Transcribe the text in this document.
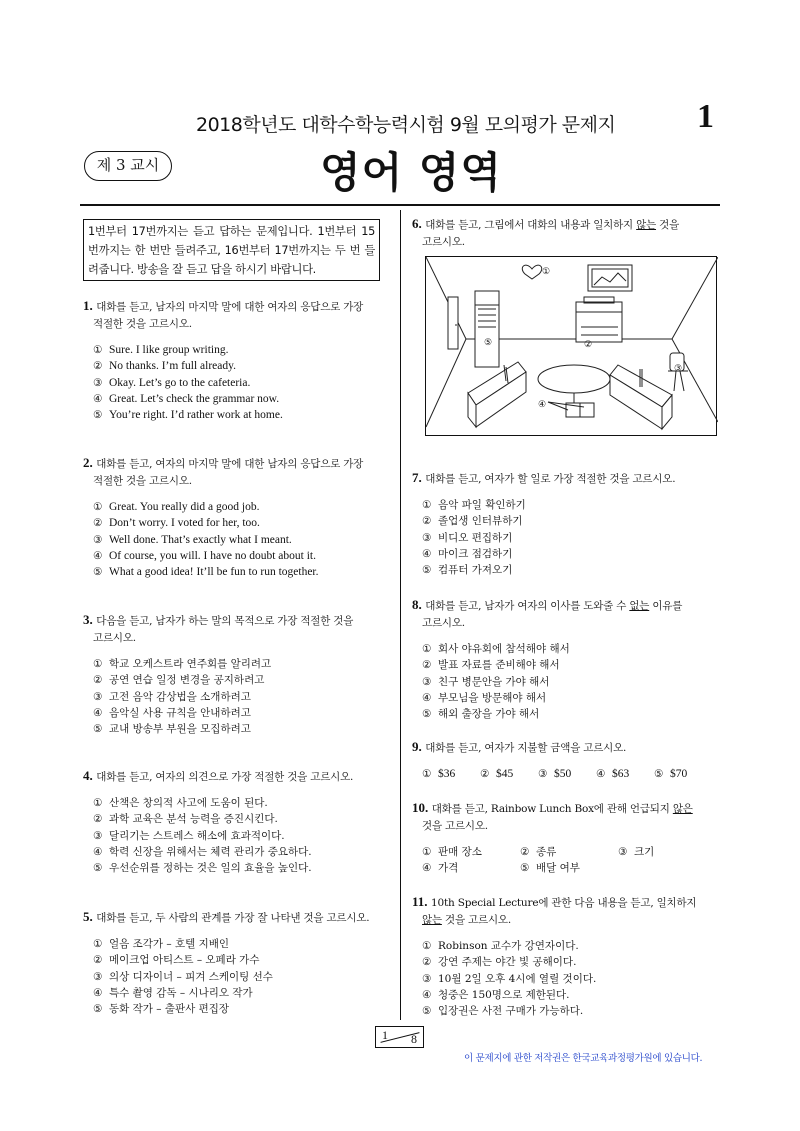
2018학년도 대학수학능력시험 9월 모의평가 문제지 1
제 3 교시	영어 영역
1번부터 17번까지는 듣고 답하는 문제입니다. 1번부터 15번까지는 한 번만 들려주고, 16번부터 17번까지는 두 번 들려줍니다. 방송을 잘 듣고 답을 하시기 바랍니다.
1. 대화를 듣고, 남자의 마지막 말에 대한 여자의 응답으로 가장
적절한 것을 고르시오.
① Sure. I like group writing.
② No thanks. I’m full already.
③ Okay. Let’s go to the cafeteria.
④ Great. Let’s check the grammar now.
⑤ You’re right. I’d rather work at home.
2. 대화를 듣고, 여자의 마지막 말에 대한 남자의 응답으로 가장
적절한 것을 고르시오.
① Great. You really did a good job.
② Don’t worry. I voted for her, too.
③ Well done. That’s exactly what I meant.
④ Of course, you will. I have no doubt about it.
⑤ What a good idea! It’ll be fun to run together.
3. 다음을 듣고, 남자가 하는 말의 목적으로 가장 적절한 것을
고르시오.
① 학교 오케스트라 연주회를 알리려고
② 공연 연습 일정 변경을 공지하려고
③ 고전 음악 감상법을 소개하려고
④ 음악실 사용 규칙을 안내하려고
⑤ 교내 방송부 부원을 모집하려고
4. 대화를 듣고, 여자의 의견으로 가장 적절한 것을 고르시오.
① 산책은 창의적 사고에 도움이 된다.
② 과학 교육은 분석 능력을 증진시킨다.
③ 달리기는 스트레스 해소에 효과적이다.
④ 학력 신장을 위해서는 체력 관리가 중요하다.
⑤ 우선순위를 정하는 것은 일의 효율을 높인다.
5. 대화를 듣고, 두 사람의 관계를 가장 잘 나타낸 것을 고르시오.
① 얼음 조각가 – 호텔 지배인
② 메이크업 아티스트 – 오페라 가수
③ 의상 디자이너 – 피겨 스케이팅 선수
④ 특수 촬영 감독 – 시나리오 작가
⑤ 동화 작가 – 출판사 편집장
6. 대화를 듣고, 그림에서 대화의 내용과 일치하지 않는 것을
고르시오.
①
②
③
④
⑤
7. 대화를 듣고, 여자가 할 일로 가장 적절한 것을 고르시오.
① 음악 파일 확인하기
② 졸업생 인터뷰하기
③ 비디오 편집하기
④ 마이크 점검하기
⑤ 컴퓨터 가져오기
8. 대화를 듣고, 남자가 여자의 이사를 도와줄 수 없는 이유를
고르시오.
① 회사 야유회에 참석해야 해서
② 발표 자료를 준비해야 해서
③ 친구 병문안을 가야 해서
④ 부모님을 방문해야 해서
⑤ 해외 출장을 가야 해서
9. 대화를 듣고, 여자가 지불할 금액을 고르시오.
① $36	② $45	③ $50	④ $63	⑤ $70
10. 대화를 듣고, Rainbow Lunch Box에 관해 언급되지 않은
것을 고르시오.
① 판매 장소	② 종류	③ 크기
④ 가격	⑤ 배달 여부
11. 10th Special Lecture에 관한 다음 내용을 듣고, 일치하지
않는 것을 고르시오.
① Robinson 교수가 강연자이다.
② 강연 주제는 야간 빛 공해이다.
③ 10월 2일 오후 4시에 열릴 것이다.
④ 청중은 150명으로 제한된다.
⑤ 입장권은 사전 구매가 가능하다.
1 8
이 문제지에 관한 저작권은 한국교육과정평가원에 있습니다.
